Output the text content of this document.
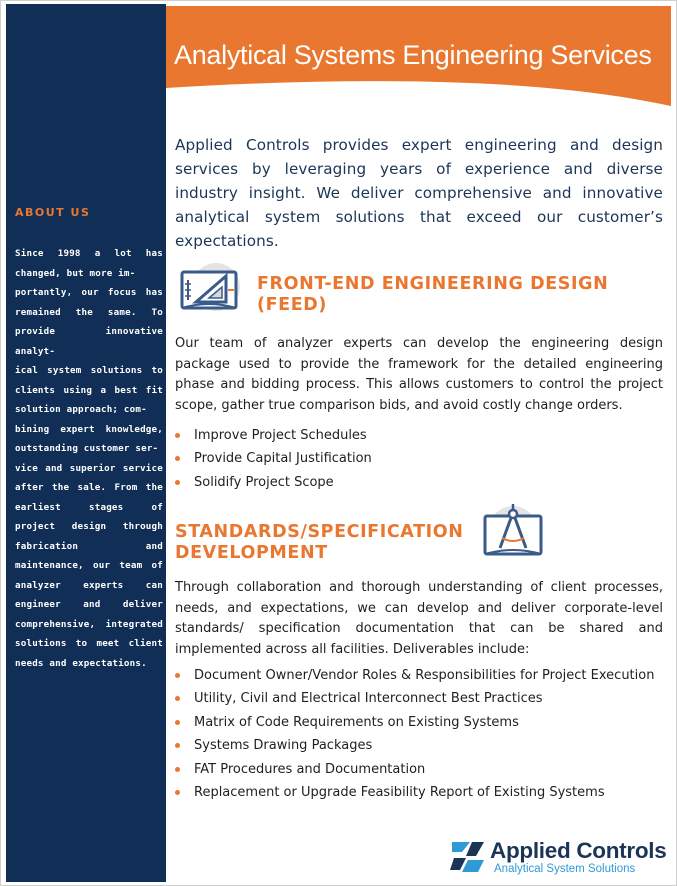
ABOUT US
Since 1998 a lot has changed, but more im-
portantly, our focus has remained the same. To provide innovative analyt-
ical system solutions to clients using a best fit solution approach; com-
bining expert knowledge, outstanding customer ser-
vice and superior service after the sale. From the earliest stages of project design through fabrication and maintenance, our team of analyzer experts can engineer and deliver comprehensive, integrated solutions to meet client needs and expectations.
Analytical Systems Engineering Services
Applied Controls provides expert engineering and design services by leveraging years of experience and diverse industry insight. We deliver comprehensive and innovative analytical system solutions that exceed our customer’s expectations.
FRONT-END ENGINEERING DESIGN (FEED)
Our team of analyzer experts can develop the engineering design package used to provide the framework for the detailed engineering phase and bidding process. This allows customers to control the project scope, gather true comparison bids, and avoid costly change orders.
Improve Project Schedules
Provide Capital Justification
Solidify Project Scope
STANDARDS/SPECIFICATION DEVELOPMENT
Through collaboration and thorough understanding of client processes, needs, and expectations, we can develop and deliver corporate-level standards/ specification documentation that can be shared and implemented across all facilities. Deliverables include:
Document Owner/Vendor Roles & Responsibilities for Project Execution
Utility, Civil and Electrical Interconnect Best Practices
Matrix of Code Requirements on Existing Systems
Systems Drawing Packages
FAT Procedures and Documentation
Replacement or Upgrade Feasibility Report of Existing Systems
Applied Controls
Analytical System Solutions
